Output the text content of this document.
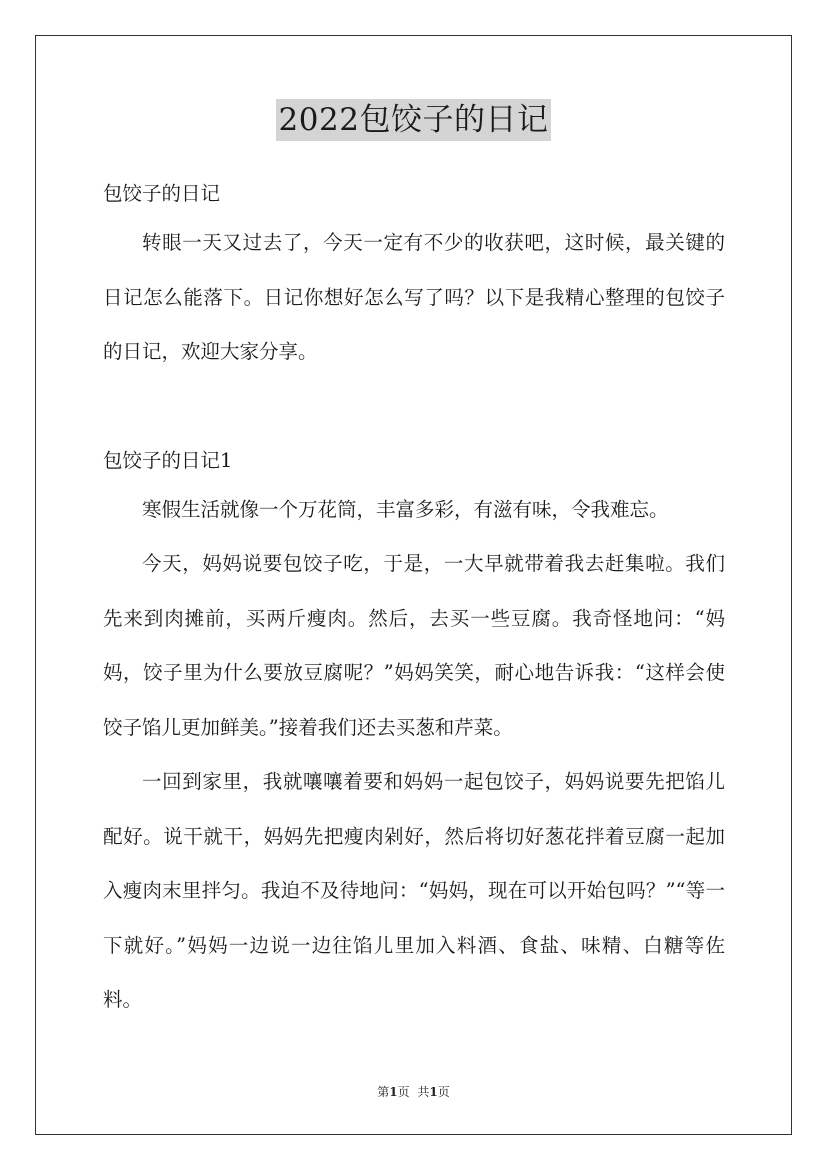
2022包饺子的日记

包饺子的日记

转眼一天又过去了，今天一定有不少的收获吧，这时候，最关键的日记怎么能落下。日记你想好怎么写了吗？以下是我精心整理的包饺子的日记，欢迎大家分享。

包饺子的日记1

寒假生活就像一个万花筒，丰富多彩，有滋有味，令我难忘。

今天，妈妈说要包饺子吃，于是，一大早就带着我去赶集啦。我们先来到肉摊前，买两斤瘦肉。然后，去买一些豆腐。我奇怪地问：“妈妈，饺子里为什么要放豆腐呢？”妈妈笑笑，耐心地告诉我：“这样会使饺子馅儿更加鲜美。”接着我们还去买葱和芹菜。

一回到家里，我就嚷嚷着要和妈妈一起包饺子，妈妈说要先把馅儿配好。说干就干，妈妈先把瘦肉剁好，然后将切好葱花拌着豆腐一起加入瘦肉末里拌匀。我迫不及待地问：“妈妈，现在可以开始包吗？”“等一下就好。”妈妈一边说一边往馅儿里加入料酒、食盐、味精、白糖等佐料。

第1页 共1页
